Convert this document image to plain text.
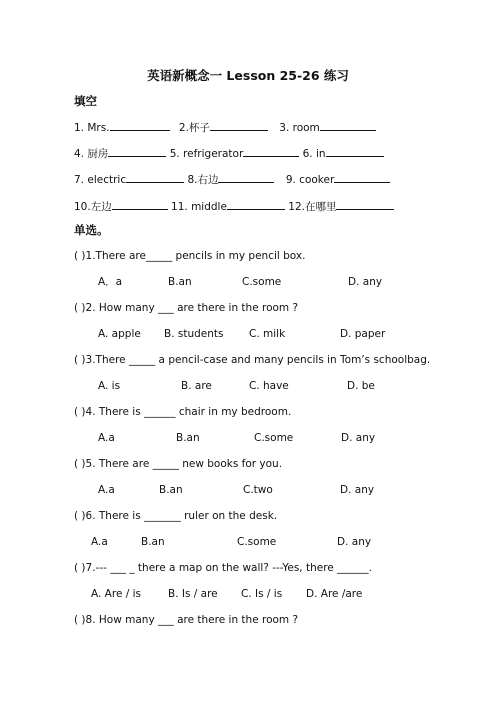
英语新概念一 Lesson 25-26 练习
填空
1. Mrs.	2.杯子	3. room
4. 厨房	5. refrigerator	6. in
7. electric	8.右边	9. cooker
10.左边	11. middle	12.在哪里
单选。
( )1.There are_____ pencils in my pencil box.
A．a	B.an	C.some	D. any
( )2. How many ___ are there in the room ?
A. apple B. students C. milk	D. paper
( )3.There _____ a pencil-case and many pencils in Tom’s schoolbag.
A. is	B. are	C. have	D. be
( )4. There is ______ chair in my bedroom.
A.a	B.an	C.some	D. any
( )5. There are _____ new books for you.
A.a	B.an	C.two	D. any
( )6. There is _______ ruler on the desk.
A.a	B.an	C.some	D. any
( )7.--- ___ _ there a map on the wall? ---Yes, there ______.
A. Are / is	B. Is / are C. Is / is D. Are /are
( )8. How many ___ are there in the room ?
